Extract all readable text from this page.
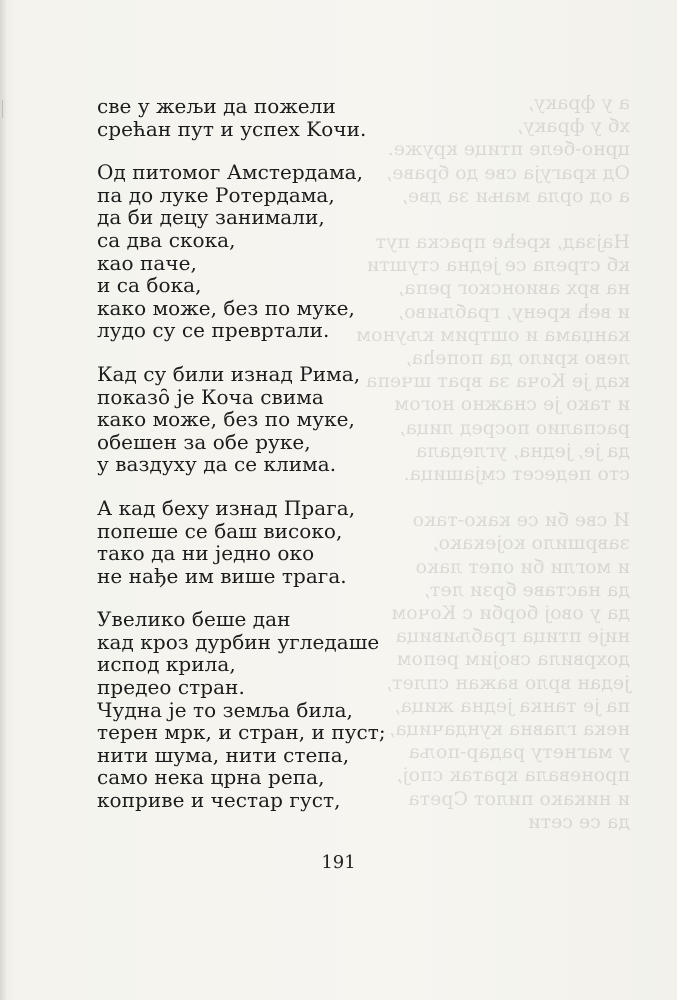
а у фраку,
хб у фраку,
црно-беле птице кружe.
Од крагуја све до бравe,
а од орла мањи за две,
Најзад, креће праска пут
кб стрела се једна стушти
на врх авионског репа,
и већ крену, грабљиво,
канџама и оштрим кљуном
лево крило да попеhа,
кад је Коча за врат шчепа
и тако је снажно ногом
распалио посред лица,
да је, једна, угледала
сто педесет смјашица.
И све би се како-тако
завршило којекако,
и могли би опет лако
да наставе брзи лет,
да у овој борби с Кочом
није птица грабљивица
дохрвила својим репом
један врло важан сплет,
па је танка једна жица,
нека главна кундачица,
у магнету радар-поља
проневала кратак спој,
и никако пилот Срета
да се сети
све у жељи да пожели
срећан пут и успех Kочи.
Од питомог Амстердама,
па до луке Ротердама,
да би децу занимали,
са два скока,
као паче,
и са бока,
како може, без по муке,
лудо су се превртали.
Кад су били изнад Рима,
показо̑ је Коча свима
како може, без по муке,
обешен за обе руке,
у ваздуху да се клима.
А кад беху изнад Прага,
попеше се баш високо,
тако да ни једно око
не нађе им више трага.
Увелико беше дан
кад кроз дурбин угледаше
испод крила,
предео стран.
Чудна је то земља била,
терен мрк, и стран, и пуст;
нити шума, нити степа,
само нека црна репа,
коприве и честар густ,
191
